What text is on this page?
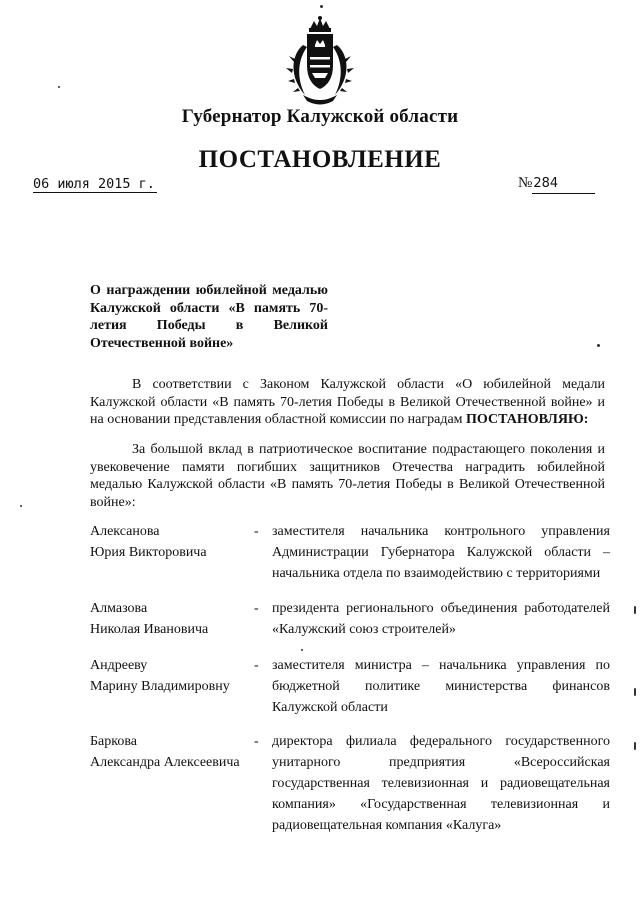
Губернатор Калужской области
ПОСТАНОВЛЕНИЕ
06 июля 2015 г.	№284
О награждении юбилейной медалью Калужской области «В память 70-летия Победы в Великой Отечественной войне»
В соответствии с Законом Калужской области «О юбилейной медали Калужской области «В память 70-летия Победы в Великой Отечественной войне» и на основании представления областной комиссии по наградам ПОСТАНОВЛЯЮ:
За большой вклад в патриотическое воспитание подрастающего поколения и увековечение памяти погибших защитников Отечества наградить юбилейной медалью Калужской области «В память 70-летия Победы в Великой Отечественной войне»:
Алексанова
Юрия Викторовича
- заместителя начальника контрольного управления Администрации Губернатора Калужской области – начальника отдела по взаимодействию с территориями
Алмазова
Николая Ивановича
- президента регионального объединения работодателей «Калужский союз строителей»
Андрееву
Марину Владимировну
- заместителя министра – начальника управления по бюджетной политике министерства финансов Калужской области
Баркова
Александра Алексеевича
- директора филиала федерального государственного унитарного предприятия «Всероссийская государственная телевизионная и радиовещательная компания» «Государственная телевизионная и радиовещательная компания «Калуга»
